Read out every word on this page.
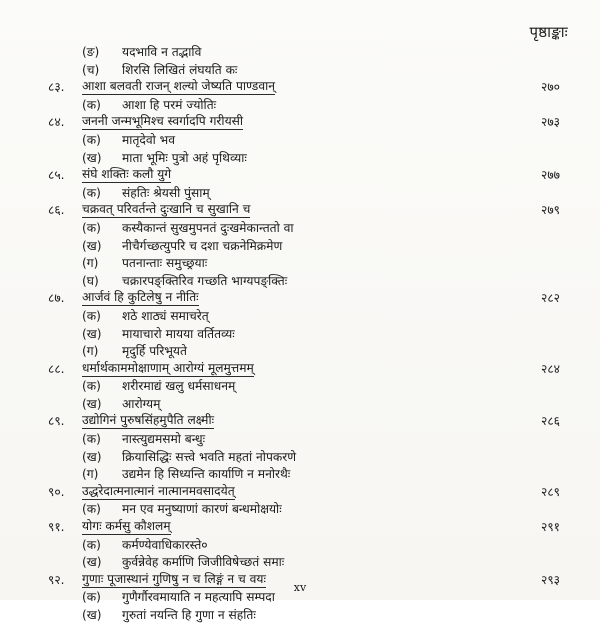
पृष्ठाङ्काः
(ङ) यदभावि न तद्भावि
(च) शिरसि लिखितं लंघयति कः
८३. आशा बलवती राजन् शल्यो जेष्यति पाण्डवान्	२७०
(क) आशा हि परमं ज्योतिः
८४. जननी जन्मभूमिश्च स्वर्गादपि गरीयसी	२७३
(क) मातृदेवो भव
(ख) माता भूमिः पुत्रो अहं पृथिव्याः
८५. संघे शक्तिः कलौ युगे	२७७
(क) संहतिः श्रेयसी पुंसाम्
८६. चक्रवत् परिवर्तन्ते दुःखानि च सुखानि च	२७९
(क) कस्यैकान्तं सुखमुपनतं दुःखमेकान्ततो वा
(ख) नीचैर्गच्छत्युपरि च दशा चक्रनेमिक्रमेण
(ग) पतनान्ताः समुच्छ्रयाः
(घ) चक्रारपङ्क्तिरिव गच्छति भाग्यपङ्क्तिः
८७. आर्जवं हि कुटिलेषु न नीतिः	२८२
(क) शठे शाठ्यं समाचरेत्
(ख) मायाचारो मायया वर्तितव्यः
(ग) मृदुर्हि परिभूयते
८८. धर्मार्थकाममोक्षाणाम् आरोग्यं मूलमुत्तमम्	२८४
(क) शरीरमाद्यं खलु धर्मसाधनम्
(ख) आरोग्यम्
८९. उद्योगिनं पुरुषसिंहमुपैति लक्ष्मीः	२८६
(क) नास्त्युद्यमसमो बन्धुः
(ख) क्रियासिद्धिः सत्त्वे भवति महतां नोपकरणे
(ग) उद्यमेन हि सिध्यन्ति कार्याणि न मनोरथैः
९०. उद्धरेदात्मनात्मानं नात्मानमवसादयेत्	२८९
(क) मन एव मनुष्याणां कारणं बन्धमोक्षयोः
९१. योगः कर्मसु कौशलम्	२९१
(क) कर्मण्येवाधिकारस्ते०
(ख) कुर्वन्नेवेह कर्माणि जिजीविषेच्छतं समाः
९२. गुणाः पूजास्थानं गुणिषु न च लिङ्गं न च वयः	२९३
(क) गुणैर्गौरवमायाति न महत्यापि सम्पदा
(ख) गुरुतां नयन्ति हि गुणा न संहतिः
xv
